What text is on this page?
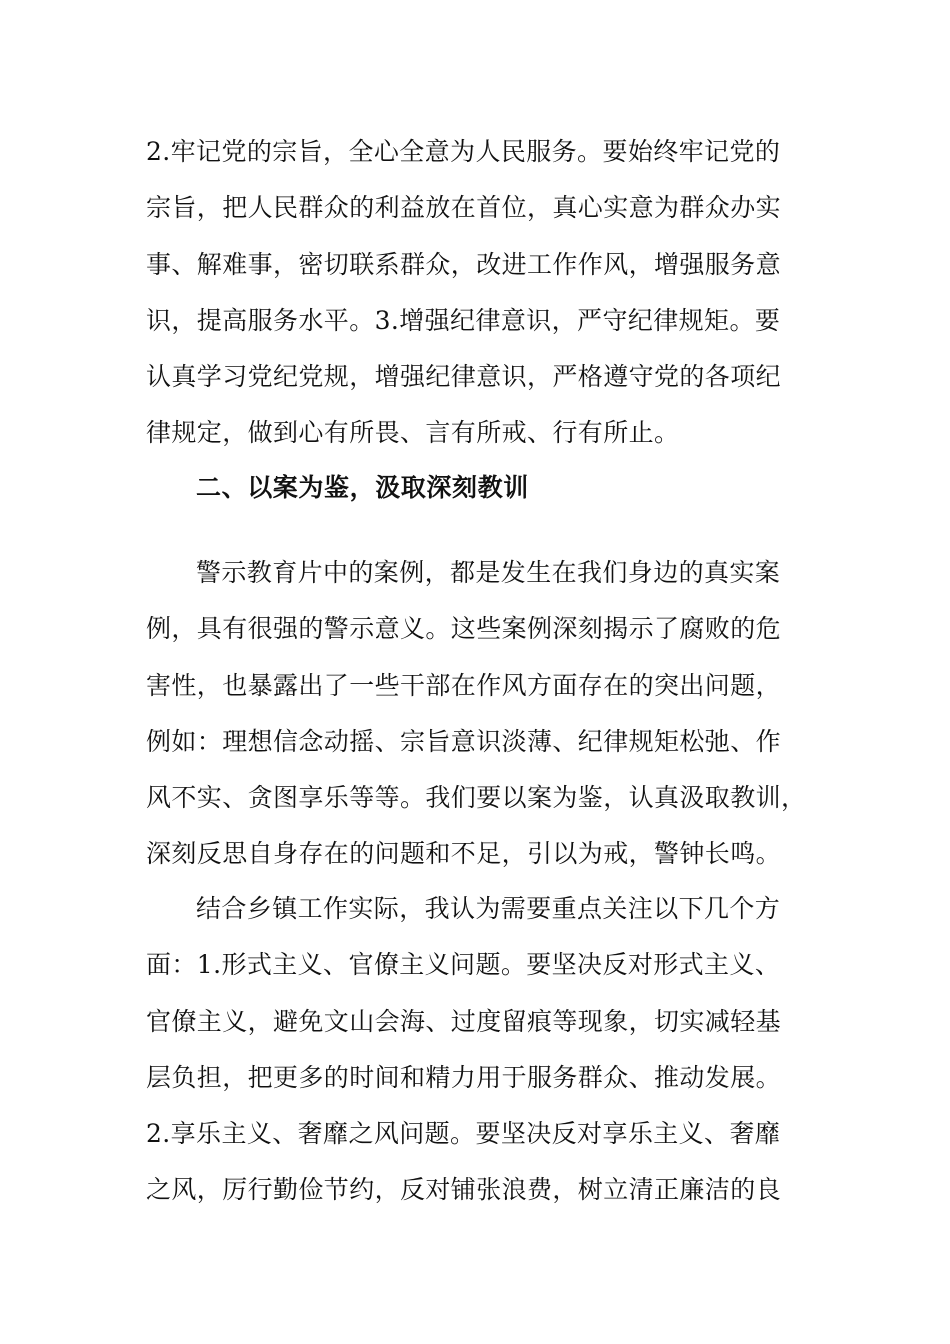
2.牢记党的宗旨，全心全意为人民服务。要始终牢记党的
宗旨，把人民群众的利益放在首位，真心实意为群众办实
事、解难事，密切联系群众，改进工作作风，增强服务意
识，提高服务水平。3.增强纪律意识，严守纪律规矩。要
认真学习党纪党规，增强纪律意识，严格遵守党的各项纪
律规定，做到心有所畏、言有所戒、行有所止。
二、以案为鉴，汲取深刻教训
警示教育片中的案例，都是发生在我们身边的真实案
例，具有很强的警示意义。这些案例深刻揭示了腐败的危
害性，也暴露出了一些干部在作风方面存在的突出问题，
例如：理想信念动摇、宗旨意识淡薄、纪律规矩松弛、作
风不实、贪图享乐等等。我们要以案为鉴，认真汲取教训，
深刻反思自身存在的问题和不足，引以为戒，警钟长鸣。
结合乡镇工作实际，我认为需要重点关注以下几个方
面：1.形式主义、官僚主义问题。要坚决反对形式主义、
官僚主义，避免文山会海、过度留痕等现象，切实减轻基
层负担，把更多的时间和精力用于服务群众、推动发展。
2.享乐主义、奢靡之风问题。要坚决反对享乐主义、奢靡
之风，厉行勤俭节约，反对铺张浪费，树立清正廉洁的良
